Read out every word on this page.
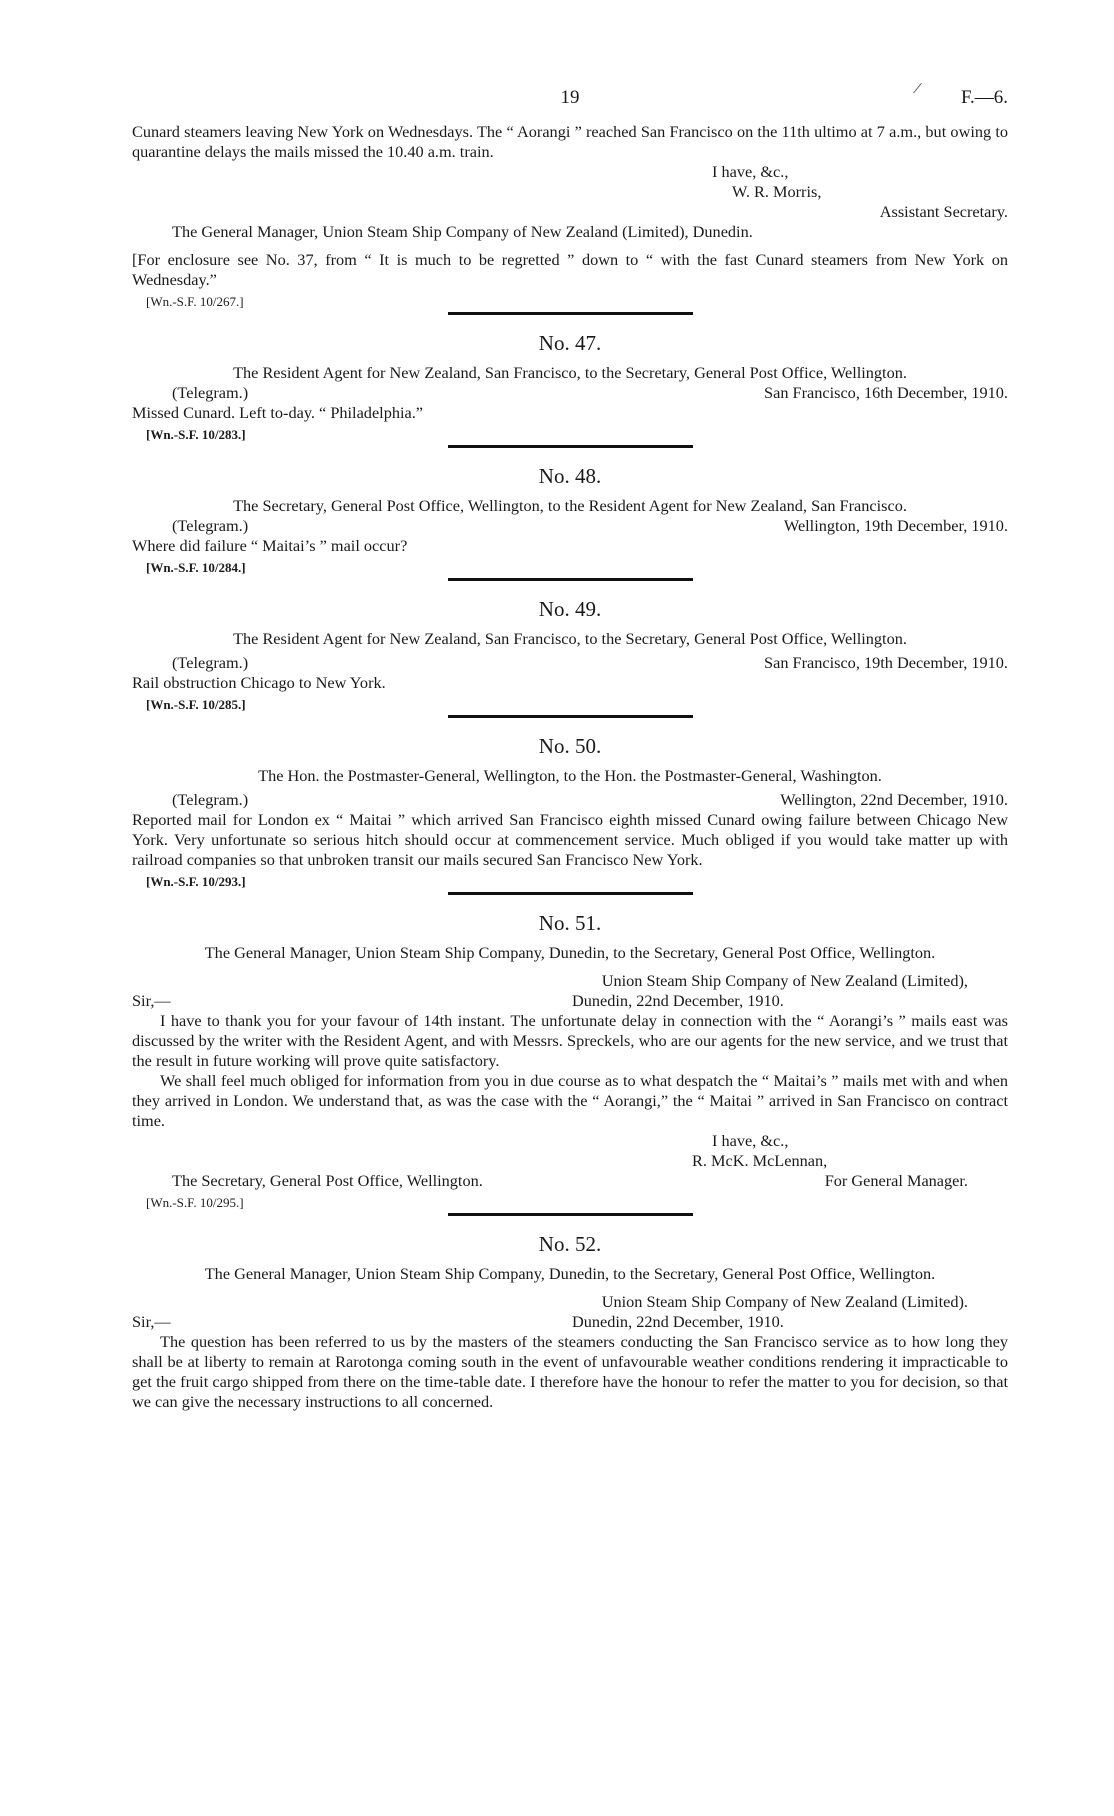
19	/ F.—6.

Cunard steamers leaving New York on Wednesdays. The “ Aorangi ” reached San Francisco on the 11th ultimo at 7 a.m., but owing to quarantine delays the mails missed the 10.40 a.m. train.

I have, &c.,

W. R. Morris,

Assistant Secretary.

The General Manager, Union Steam Ship Company of New Zealand (Limited), Dunedin.

[For enclosure see No. 37, from “ It is much to be regretted ” down to “ with the fast Cunard steamers from New York on Wednesday.”

[Wn.-S.F. 10/267.]

No. 47.

The Resident Agent for New Zealand, San Francisco, to the Secretary, General Post Office, Wellington.

(Telegram.)	San Francisco, 16th December, 1910.

Missed Cunard. Left to-day. “ Philadelphia.”

[Wn.-S.F. 10/283.]

No. 48.

The Secretary, General Post Office, Wellington, to the Resident Agent for New Zealand, San Francisco.

(Telegram.)	Wellington, 19th December, 1910.

Where did failure “ Maitai’s ” mail occur?

[Wn.-S.F. 10/284.]

No. 49.

The Resident Agent for New Zealand, San Francisco, to the Secretary, General Post Office, Wellington.

(Telegram.)	San Francisco, 19th December, 1910.

Rail obstruction Chicago to New York.

[Wn.-S.F. 10/285.]

No. 50.

The Hon. the Postmaster-General, Wellington, to the Hon. the Postmaster-General, Washington.

(Telegram.)	Wellington, 22nd December, 1910.

Reported mail for London ex “ Maitai ” which arrived San Francisco eighth missed Cunard owing failure between Chicago New York. Very unfortunate so serious hitch should occur at commencement service. Much obliged if you would take matter up with railroad companies so that unbroken transit our mails secured San Francisco New York.

[Wn.-S.F. 10/293.]

No. 51.

The General Manager, Union Steam Ship Company, Dunedin, to the Secretary, General Post Office, Wellington.

Union Steam Ship Company of New Zealand (Limited),

Sir,—	Dunedin, 22nd December, 1910.

I have to thank you for your favour of 14th instant. The unfortunate delay in connection with the “ Aorangi’s ” mails east was discussed by the writer with the Resident Agent, and with Messrs. Spreckels, who are our agents for the new service, and we trust that the result in future working will prove quite satisfactory.

We shall feel much obliged for information from you in due course as to what despatch the “ Maitai’s ” mails met with and when they arrived in London. We understand that, as was the case with the “ Aorangi,” the “ Maitai ” arrived in San Francisco on contract time.

I have, &c.,

R. McK. McLennan,

The Secretary, General Post Office, Wellington.	For General Manager.

[Wn.-S.F. 10/295.]

No. 52.

The General Manager, Union Steam Ship Company, Dunedin, to the Secretary, General Post Office, Wellington.

Union Steam Ship Company of New Zealand (Limited).

Sir,—	Dunedin, 22nd December, 1910.

The question has been referred to us by the masters of the steamers conducting the San Francisco service as to how long they shall be at liberty to remain at Rarotonga coming south in the event of unfavourable weather conditions rendering it impracticable to get the fruit cargo shipped from there on the time-table date. I therefore have the honour to refer the matter to you for decision, so that we can give the necessary instructions to all concerned.
